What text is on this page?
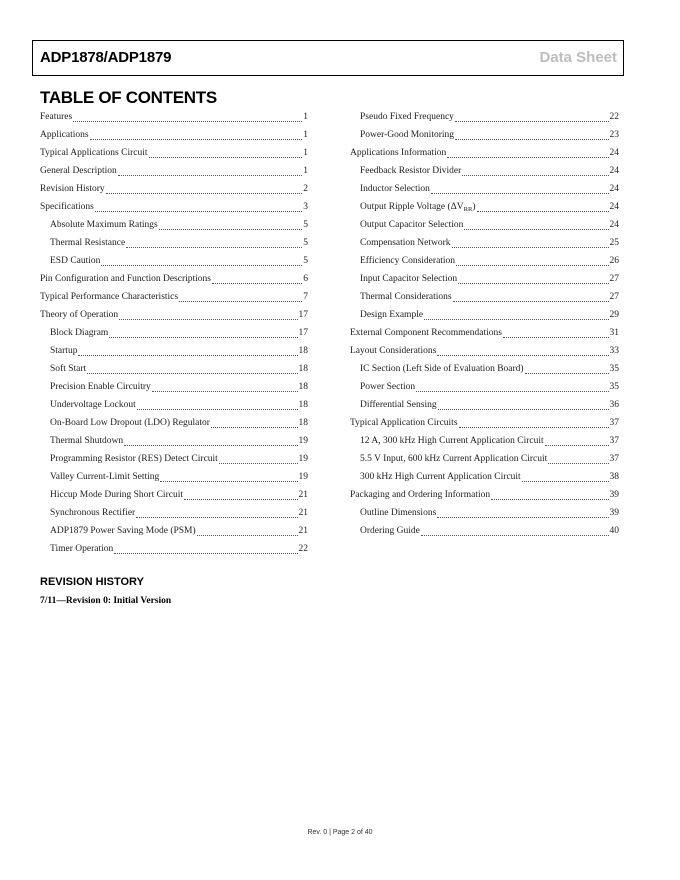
ADP1878/ADP1879	Data Sheet
TABLE OF CONTENTS
Features	1
Applications	1
Typical Applications Circuit	1
General Description	1
Revision History	2
Specifications	3
Absolute Maximum Ratings	5
Thermal Resistance	5
ESD Caution	5
Pin Configuration and Function Descriptions	6
Typical Performance Characteristics	7
Theory of Operation	17
Block Diagram	17
Startup	18
Soft Start	18
Precision Enable Circuitry	18
Undervoltage Lockout	18
On-Board Low Dropout (LDO) Regulator	18
Thermal Shutdown	19
Programming Resistor (RES) Detect Circuit	19
Valley Current-Limit Setting	19
Hiccup Mode During Short Circuit	21
Synchronous Rectifier	21
ADP1879 Power Saving Mode (PSM)	21
Timer Operation	22
Pseudo Fixed Frequency	22
Power-Good Monitoring	23
Applications Information	24
Feedback Resistor Divider	24
Inductor Selection	24
Output Ripple Voltage $(\Delta V_{RR})$	24
Output Capacitor Selection	24
Compensation Network	25
Efficiency Consideration	26
Input Capacitor Selection	27
Thermal Considerations	27
Design Example	29
External Component Recommendations	31
Layout Considerations	33
IC Section (Left Side of Evaluation Board)	35
Power Section	35
Differential Sensing	36
Typical Application Circuits	37
12 A, 300 kHz High Current Application Circuit	37
5.5 V Input, 600 kHz Current Application Circuit	37
300 kHz High Current Application Circuit	38
Packaging and Ordering Information	39
Outline Dimensions	39
Ordering Guide	40
REVISION HISTORY
7/11—Revision 0: Initial Version
Rev. 0 | Page 2 of 40
